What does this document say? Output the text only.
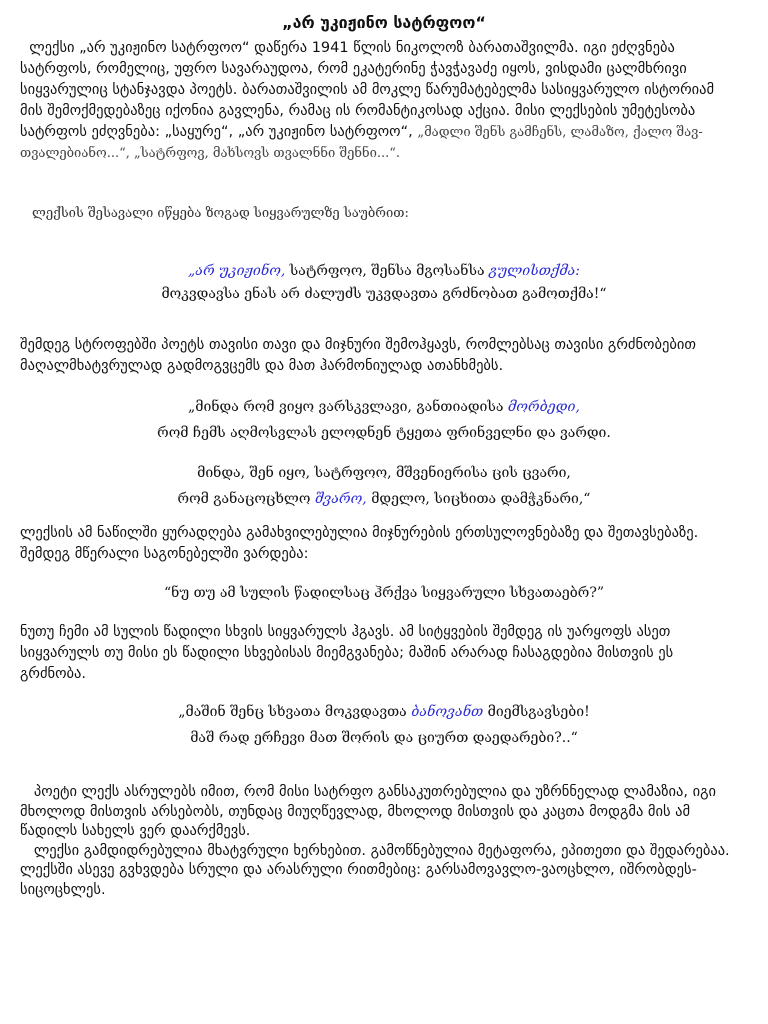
„არ უკიჟინო სატრფოო“

ლექსი „არ უკიჟინო სატრფოო“ დაწერა 1941 წლის ნიკოლოზ ბარათაშვილმა. იგი ეძღვნება სატრფოს, რომელიც, უფრო სავარაუდოა, რომ ეკატერინე ჭავჭავაძე იყოს, ვისდამი ცალმხრივი სიყვარულიც სტანჯავდა პოეტს. ბარათაშვილის ამ მოკლე წარუმატებელმა სასიყვარულო ისტორიამ მის შემოქმედებაზეც იქონია გავლენა, რამაც ის რომანტიკოსად აქცია. მისი ლექსების უმეტესობა სატრფოს ეძღვნება: „საყურე“, „არ უკიჟინო სატრფოო“, „მადლი შენს გამჩენს, ლამაზო, ქალო შავ-თვალებიანო...“, „სატრფოვ, მახსოვს თვალნნი შენნი...“.

ლექსის შესავალი იწყება ზოგად სიყვარულზე საუბრით:

„არ უკიჟინო, სატრფოო, შენსა მგოსანსა გულისთქმა:

მოკვდავსა ენას არ ძალუძს უკვდავთა გრძნობათ გამოთქმა!“

შემდეგ სტროფებში პოეტს თავისი თავი და მიჯნური შემოჰყავს, რომლებსაც თავისი გრძნობებით მაღალმხატვრულად გადმოგვცემს და მათ ჰარმონიულად ათანხმებს.

„მინდა რომ ვიყო ვარსკვლავი, განთიადისა მორბედი,

რომ ჩემს აღმოსვლას ელოდნენ ტყეთა ფრინველნი და ვარდი.

მინდა, შენ იყო, სატრფოო, მშვენიერისა ცის ცვარი,

რომ განაცოცხლო შვარო, მდელო, სიცხითა დამჭკნარი,“

ლექსის ამ ნაწილში ყურადღება გამახვილებულია მიჯნურების ერთსულოვნებაზე და შეთავსებაზე. შემდეგ მწერალი საგონებელში ვარდება:

“ნუ თუ ამ სულის წადილსაც ჰრქვა სიყვარული სხვათაებრ?”

ნუთუ ჩემი ამ სულის წადილი სხვის სიყვარულს ჰგავს. ამ სიტყვების შემდეგ ის უარყოფს ასეთ სიყვარულს თუ მისი ეს წადილი სხვებისას მიემგვანება; მაშინ არარად ჩასაგდებია მისთვის ეს გრძნობა.

„მაშინ შენც სხვათა მოკვდავთა ბანოვანთ მიემსგავსები!

მაშ რად ერჩევი მათ შორის და ციურთ დაედარები?..“

პოეტი ლექს ასრულებს იმით, რომ მისი სატრფო განსაკუთრებულია და უზრნნელად ლამაზია, იგი მხოლოდ მისთვის არსებობს, თუნდაც მიუღწევლად, მხოლოდ მისთვის და კაცთა მოდგმა მის ამ წადილს სახელს ვერ დაარქმევს.

ლექსი გამდიდრებულია მხატვრული ხერხებით. გამოწნებულია მეტაფორა, ეპითეთი და შედარებაა. ლექსში ასევე გვხვდება სრული და არასრული რითმებიც: გარსამოვავლო-ვაოცხლო, იშრობდეს-სიცოცხლეს.
